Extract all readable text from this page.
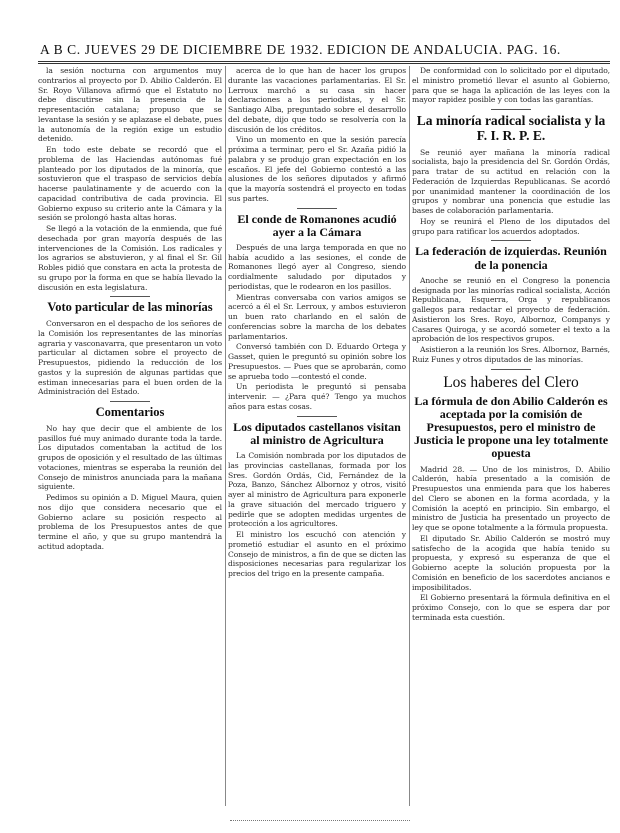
A B C. JUEVES 29 DE DICIEMBRE DE 1932. EDICION DE ANDALUCIA. PAG. 16.

la sesión nocturna con argumentos muy contrarios al proyecto por D. Abilio Calderón. El Sr. Royo Villanova afirmó que el Estatuto no debe discutirse sin la presencia de la representación catalana; propuso que se levantase la sesión y se aplazase el debate, pues la autonomía de la región exige un estudio detenido.

En todo este debate se recordó que el problema de las Haciendas autónomas fué planteado por los diputados de la minoría, que sostuvieron que el traspaso de servicios debía hacerse paulatinamente y de acuerdo con la capacidad contributiva de cada provincia. El Gobierno expuso su criterio ante la Cámara y la sesión se prolongó hasta altas horas.

Se llegó a la votación de la enmienda, que fué desechada por gran mayoría después de las intervenciones de la Comisión. Los radicales y los agrarios se abstuvieron, y al final el Sr. Gil Robles pidió que constara en acta la protesta de su grupo por la forma en que se había llevado la discusión en esta legislatura.

Voto particular de las minorías

Conversaron en el despacho de los señores de la Comisión los representantes de las minorías agraria y vasconavarra, que presentaron un voto particular al dictamen sobre el proyecto de Presupuestos, pidiendo la reducción de los gastos y la supresión de algunas partidas que estiman innecesarias para el buen orden de la Administración del Estado.

Comentarios

No hay que decir que el ambiente de los pasillos fué muy animado durante toda la tarde. Los diputados comentaban la actitud de los grupos de oposición y el resultado de las últimas votaciones, mientras se esperaba la reunión del Consejo de ministros anunciada para la mañana siguiente.

Pedimos su opinión a D. Miguel Maura, quien nos dijo que considera necesario que el Gobierno aclare su posición respecto al problema de los Presupuestos antes de que termine el año, y que su grupo mantendrá la actitud adoptada.

acerca de lo que han de hacer los grupos durante las vacaciones parlamentarias. El Sr. Lerroux marchó a su casa sin hacer declaraciones a los periodistas, y el Sr. Santiago Alba, preguntado sobre el desarrollo del debate, dijo que todo se resolvería con la discusión de los créditos.

Vino un momento en que la sesión parecía próxima a terminar, pero el Sr. Azaña pidió la palabra y se produjo gran expectación en los escaños. El jefe del Gobierno contestó a las alusiones de los señores diputados y afirmó que la mayoría sostendrá el proyecto en todas sus partes.

El conde de Romanones acudió ayer a la Cámara

Después de una larga temporada en que no había acudido a las sesiones, el conde de Romanones llegó ayer al Congreso, siendo cordialmente saludado por diputados y periodistas, que le rodearon en los pasillos.

Mientras conversaba con varios amigos se acercó a él el Sr. Lerroux, y ambos estuvieron un buen rato charlando en el salón de conferencias sobre la marcha de los debates parlamentarios.

Conversó también con D. Eduardo Ortega y Gasset, quien le preguntó su opinión sobre los Presupuestos. — Pues que se aprobarán, como se aprueba todo —contestó el conde.

Un periodista le preguntó si pensaba intervenir. — ¿Para qué? Tengo ya muchos años para estas cosas.

Los diputados castellanos visitan al ministro de Agricultura

La Comisión nombrada por los diputados de las provincias castellanas, formada por los Sres. Gordón Ordás, Cid, Fernández de la Poza, Banzo, Sánchez Albornoz y otros, visitó ayer al ministro de Agricultura para exponerle la grave situación del mercado triguero y pedirle que se adopten medidas urgentes de protección a los agricultores.

El ministro los escuchó con atención y prometió estudiar el asunto en el próximo Consejo de ministros, a fin de que se dicten las disposiciones necesarias para regularizar los precios del trigo en la presente campaña.

De conformidad con lo solicitado por el diputado, el ministro prometió llevar el asunto al Gobierno, para que se haga la aplicación de las leyes con la mayor rapidez posible y con todas las garantías.

La minoría radical socialista y la F. I. R. P. E.

Se reunió ayer mañana la minoría radical socialista, bajo la presidencia del Sr. Gordón Ordás, para tratar de su actitud en relación con la Federación de Izquierdas Republicanas. Se acordó por unanimidad mantener la coordinación de los grupos y nombrar una ponencia que estudie las bases de colaboración parlamentaria.

Hoy se reunirá el Pleno de los diputados del grupo para ratificar los acuerdos adoptados.

La federación de izquierdas. Reunión de la ponencia

Anoche se reunió en el Congreso la ponencia designada por las minorías radical socialista, Acción Republicana, Esquerra, Orga y republicanos gallegos para redactar el proyecto de federación. Asistieron los Sres. Royo, Albornoz, Companys y Casares Quiroga, y se acordó someter el texto a la aprobación de los respectivos grupos.

Asistieron a la reunión los Sres. Albornoz, Barnés, Ruiz Funes y otros diputados de las minorías.

Los haberes del Clero
La fórmula de don Abilio Calderón es aceptada por la comisión de Presupuestos, pero el ministro de Justicia le propone una ley totalmente opuesta

Madrid 28. — Uno de los ministros, D. Abilio Calderón, había presentado a la comisión de Presupuestos una enmienda para que los haberes del Clero se abonen en la forma acordada, y la Comisión la aceptó en principio. Sin embargo, el ministro de Justicia ha presentado un proyecto de ley que se opone totalmente a la fórmula propuesta.

El diputado Sr. Abilio Calderón se mostró muy satisfecho de la acogida que había tenido su propuesta, y expresó su esperanza de que el Gobierno acepte la solución propuesta por la Comisión en beneficio de los sacerdotes ancianos e imposibilitados.

El Gobierno presentará la fórmula definitiva en el próximo Consejo, con lo que se espera dar por terminada esta cuestión.
